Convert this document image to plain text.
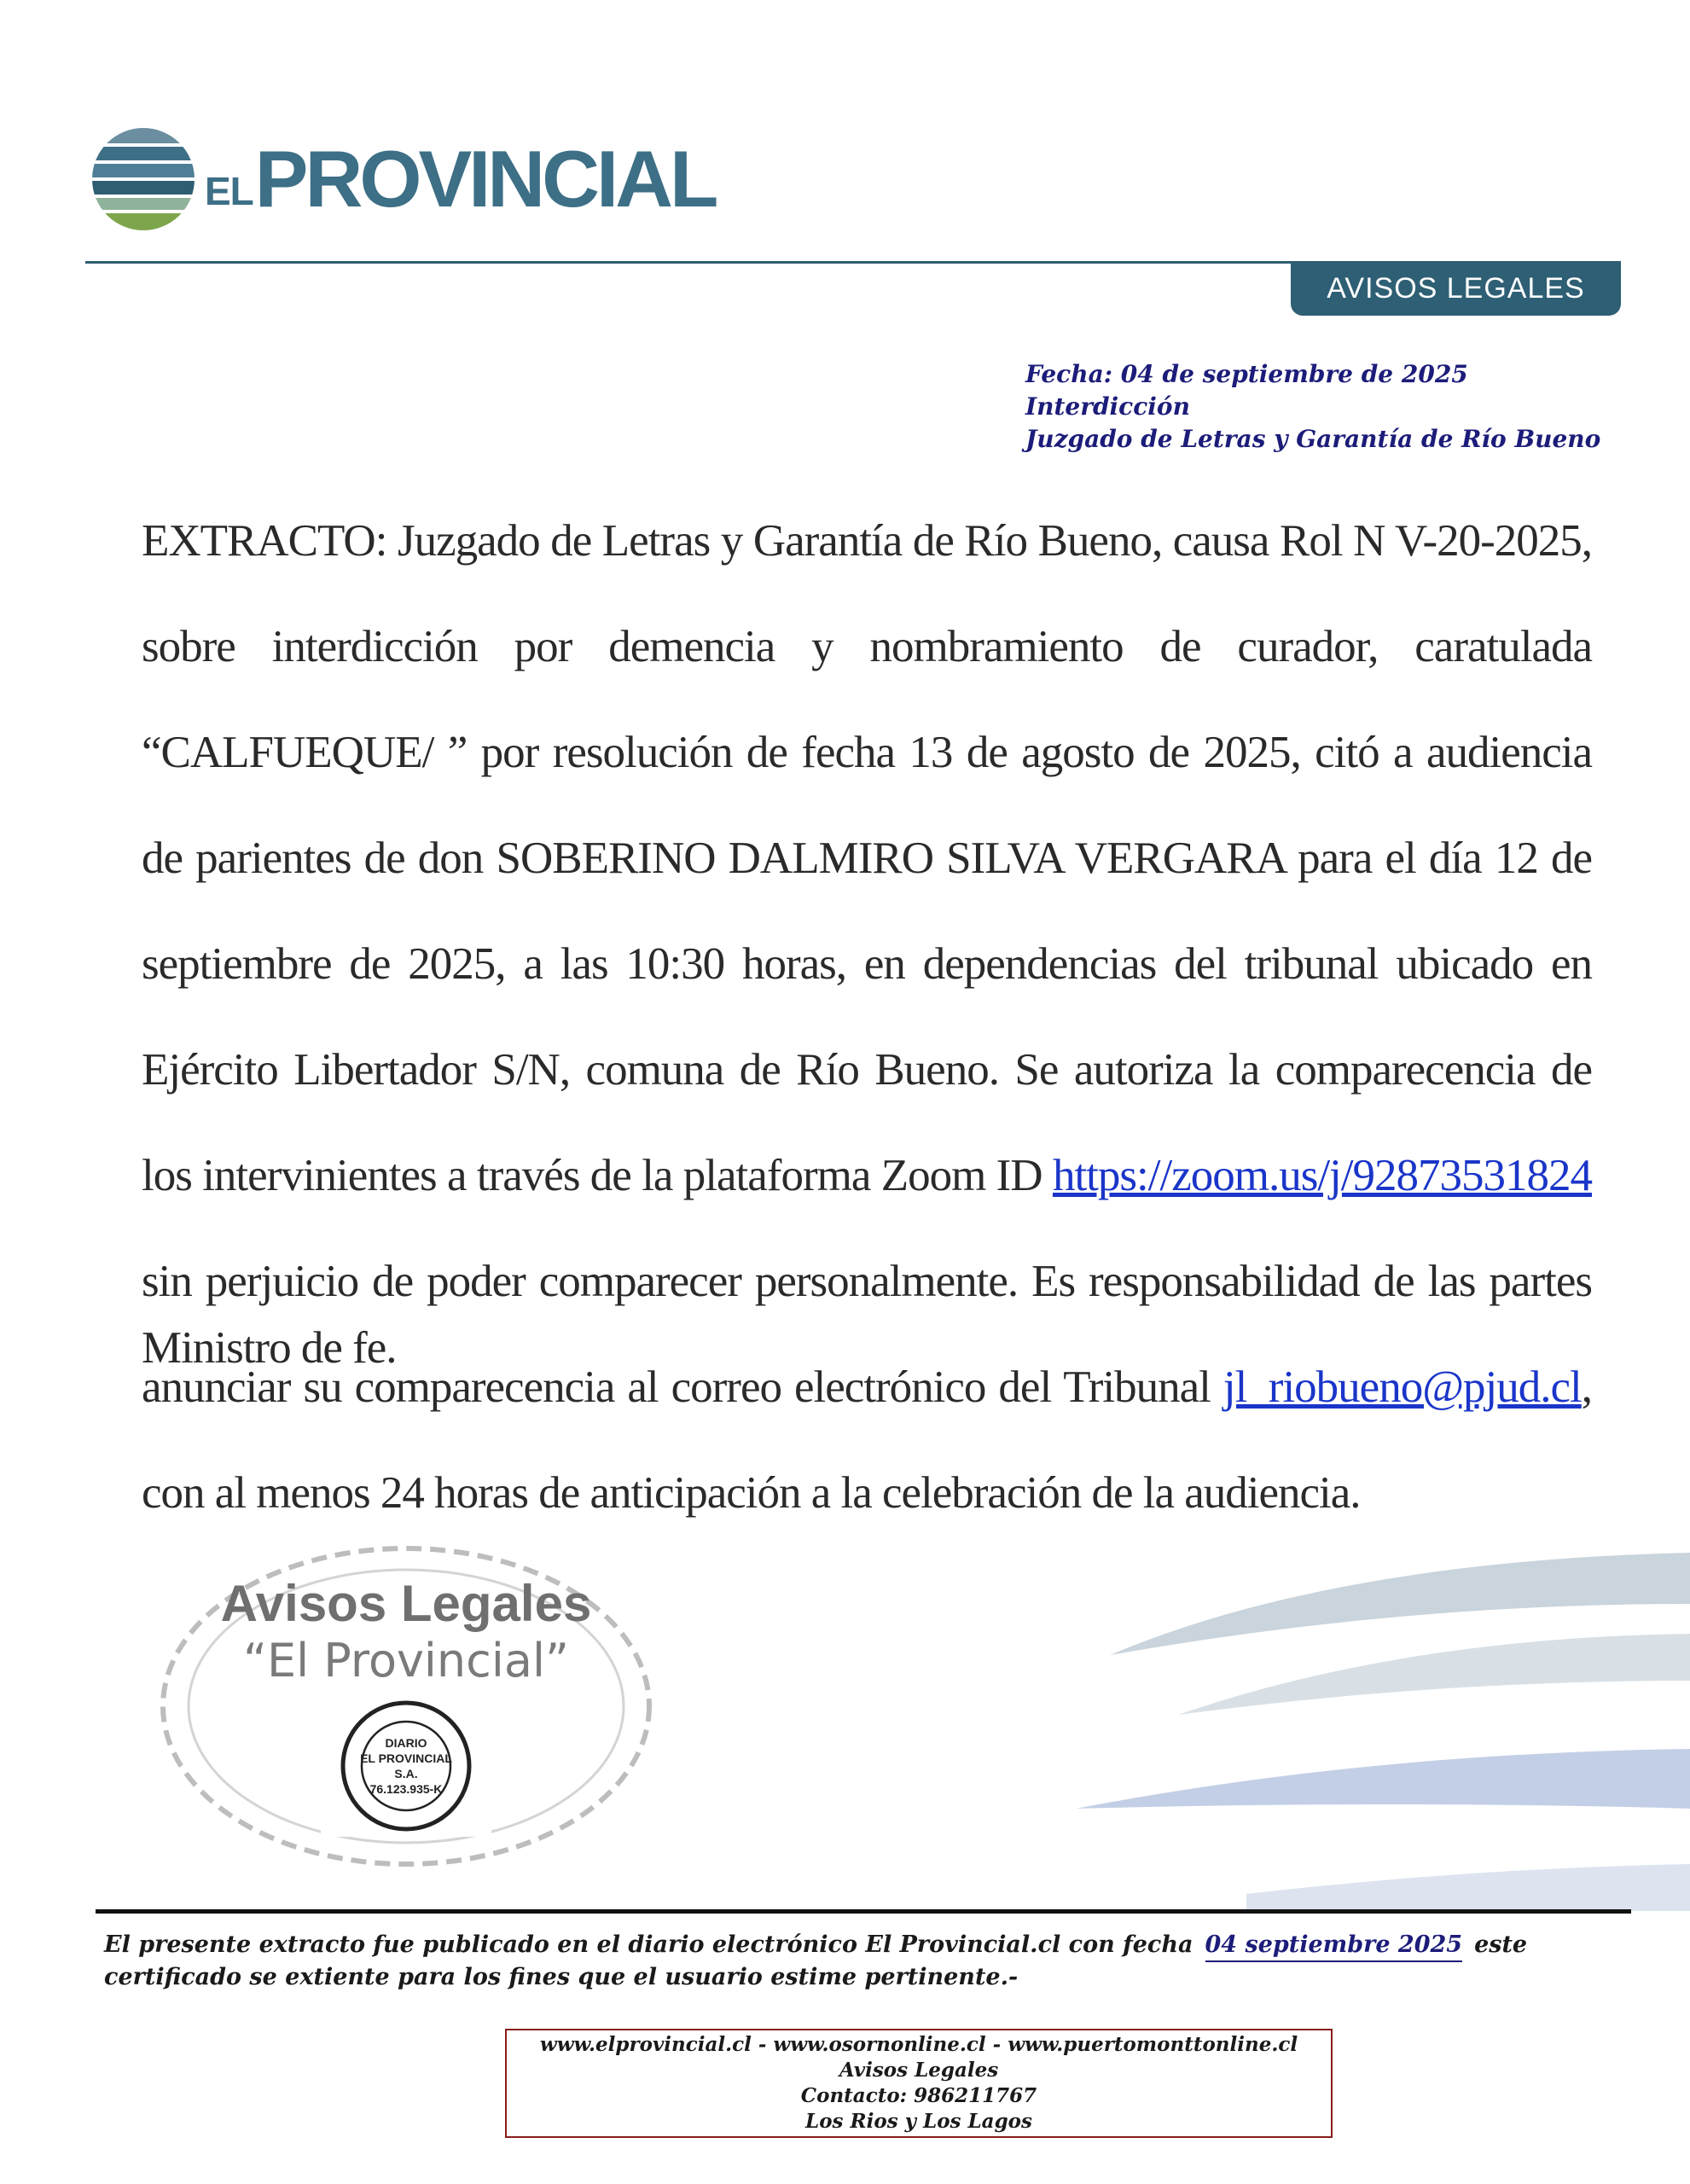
EL PROVINCIAL
AVISOS LEGALES
Fecha: 04 de septiembre de 2025
Interdicción
Juzgado de Letras y Garantía de Río Bueno
EXTRACTO: Juzgado de Letras y Garantía de Río Bueno, causa Rol N V-20-2025, sobre interdicción por demencia y nombramiento de curador, caratulada “CALFUEQUE/ ” por resolución de fecha 13 de agosto de 2025, citó a audiencia de parientes de don SOBERINO DALMIRO SILVA VERGARA para el día 12 de septiembre de 2025, a las 10:30 horas, en dependencias del tribunal ubicado en Ejército Libertador S/N, comuna de Río Bueno. Se autoriza la comparecencia de los intervinientes a través de la plataforma Zoom ID https://zoom.us/j/92873531824 sin perjuicio de poder comparecer personalmente. Es responsabilidad de las partes anunciar su comparecencia al correo electrónico del Tribunal jl_riobueno@pjud.cl, con al menos 24 horas de anticipación a la celebración de la audiencia.
Ministro de fe.
Avisos Legales
“El Provincial”
DIARIO
EL PROVINCIAL
S.A.
76.123.935-K
El presente extracto fue publicado en el diario electrónico El Provincial.cl con fecha 04 septiembre 2025 este certificado se extiente para los fines que el usuario estime pertinente.-
www.elprovincial.cl - www.osornonline.cl - www.puertomonttonline.cl
Avisos Legales
Contacto: 986211767
Los Rios y Los Lagos
